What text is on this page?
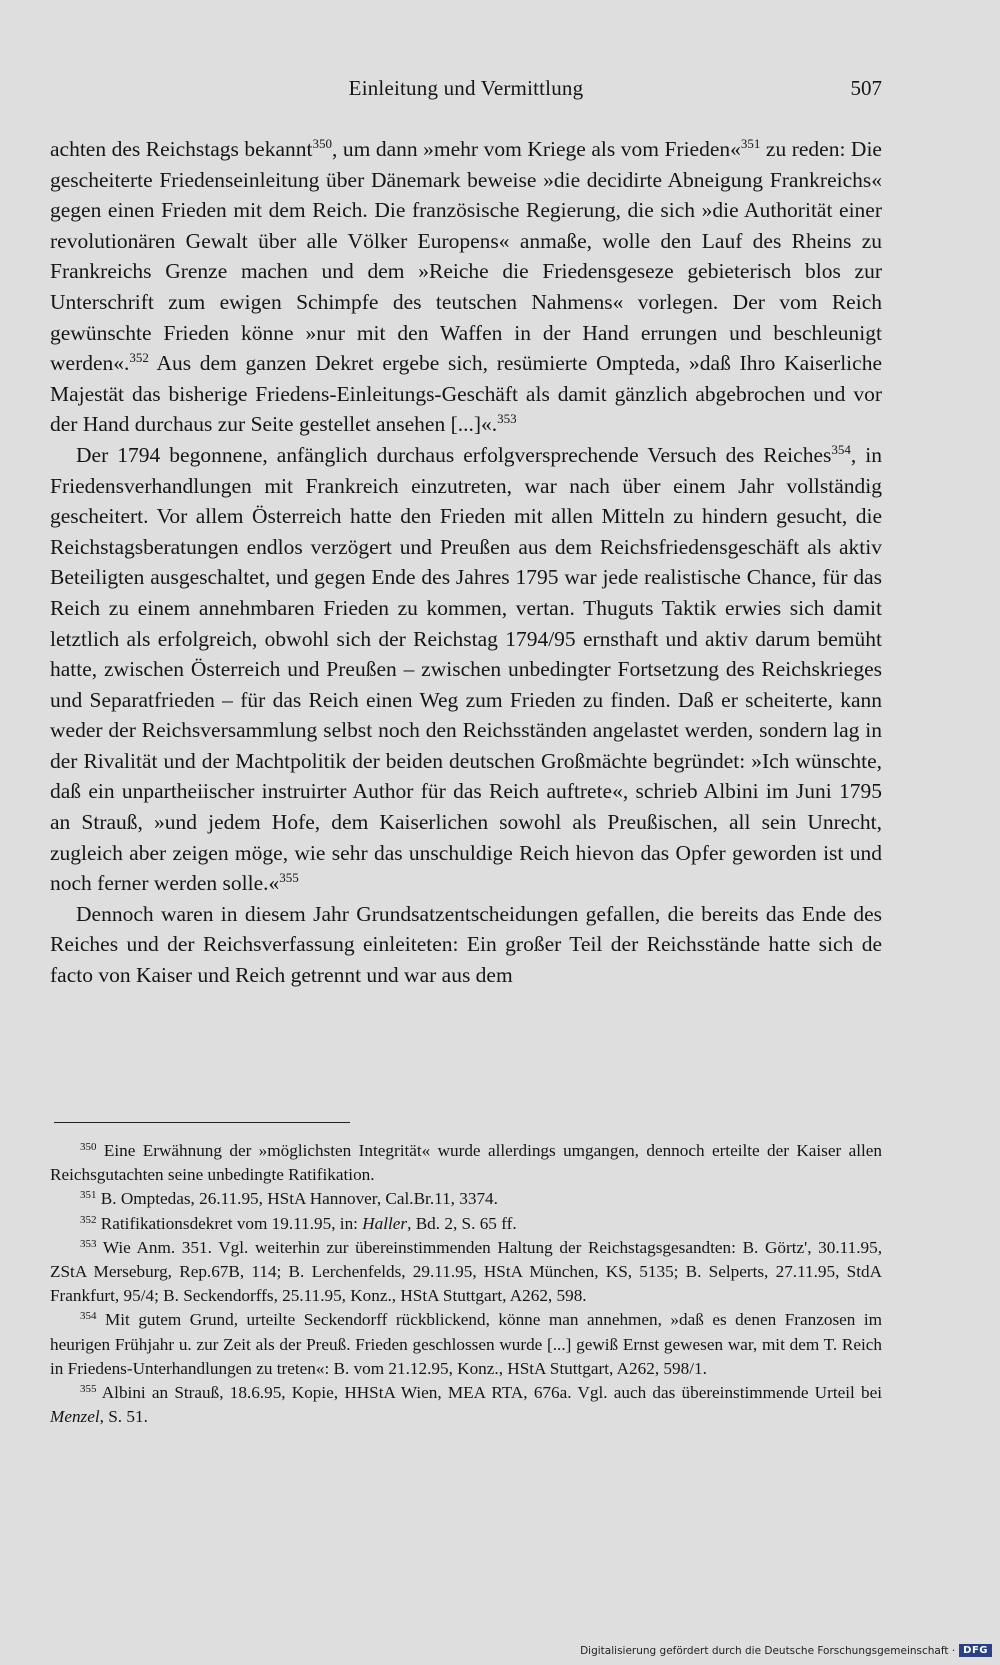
Einleitung und Vermittlung	507

achten des Reichstags bekannt$^{350}$, um dann »mehr vom Kriege als vom Frieden«$^{351}$ zu reden: Die gescheiterte Friedenseinleitung über Dänemark beweise »die decidirte Abneigung Frankreichs« gegen einen Frieden mit dem Reich. Die französische Regierung, die sich »die Authorität einer revolutionären Gewalt über alle Völker Europens« anmaße, wolle den Lauf des Rheins zu Frankreichs Grenze machen und dem »Reiche die Friedensgeseze gebieterisch blos zur Unterschrift zum ewigen Schimpfe des teutschen Nahmens« vorlegen. Der vom Reich gewünschte Frieden könne »nur mit den Waffen in der Hand errungen und beschleunigt werden«.$^{352}$ Aus dem ganzen Dekret ergebe sich, resümierte Ompteda, »daß Ihro Kaiserliche Majestät das bisherige Friedens-Einleitungs-Geschäft als damit gänzlich abgebrochen und vor der Hand durchaus zur Seite gestellet ansehen [...]«.$^{353}$

Der 1794 begonnene, anfänglich durchaus erfolgversprechende Versuch des Reiches$^{354}$, in Friedensverhandlungen mit Frankreich einzutreten, war nach über einem Jahr vollständig gescheitert. Vor allem Österreich hatte den Frieden mit allen Mitteln zu hindern gesucht, die Reichstagsberatungen endlos verzögert und Preußen aus dem Reichsfriedensgeschäft als aktiv Beteiligten ausgeschaltet, und gegen Ende des Jahres 1795 war jede realistische Chance, für das Reich zu einem annehmbaren Frieden zu kommen, vertan. Thuguts Taktik erwies sich damit letztlich als erfolgreich, obwohl sich der Reichstag 1794/95 ernsthaft und aktiv darum bemüht hatte, zwischen Österreich und Preußen – zwischen unbedingter Fortsetzung des Reichskrieges und Separatfrieden – für das Reich einen Weg zum Frieden zu finden. Daß er scheiterte, kann weder der Reichsversammlung selbst noch den Reichsständen angelastet werden, sondern lag in der Rivalität und der Machtpolitik der beiden deutschen Großmächte begründet: »Ich wünschte, daß ein unpartheiischer instruirter Author für das Reich auftrete«, schrieb Albini im Juni 1795 an Strauß, »und jedem Hofe, dem Kaiserlichen sowohl als Preußischen, all sein Unrecht, zugleich aber zeigen möge, wie sehr das unschuldige Reich hievon das Opfer geworden ist und noch ferner werden solle.«$^{355}$

Dennoch waren in diesem Jahr Grundsatzentscheidungen gefallen, die bereits das Ende des Reiches und der Reichsverfassung einleiteten: Ein großer Teil der Reichsstände hatte sich de facto von Kaiser und Reich getrennt und war aus dem

$^{350}$ Eine Erwähnung der »möglichsten Integrität« wurde allerdings umgangen, dennoch erteilte der Kaiser allen Reichsgutachten seine unbedingte Ratifikation.

$^{351}$ B. Omptedas, 26.11.95, HStA Hannover, Cal.Br.11, 3374.

$^{352}$ Ratifikationsdekret vom 19.11.95, in: Haller, Bd. 2, S. 65 ff.

$^{353}$ Wie Anm. 351. Vgl. weiterhin zur übereinstimmenden Haltung der Reichstagsgesandten: B. Görtz', 30.11.95, ZStA Merseburg, Rep.67B, 114; B. Lerchenfelds, 29.11.95, HStA München, KS, 5135; B. Selperts, 27.11.95, StdA Frankfurt, 95/4; B. Seckendorffs, 25.11.95, Konz., HStA Stuttgart, A262, 598.

$^{354}$ Mit gutem Grund, urteilte Seckendorff rückblickend, könne man annehmen, »daß es denen Franzosen im heurigen Frühjahr u. zur Zeit als der Preuß. Frieden geschlossen wurde [...] gewiß Ernst gewesen war, mit dem T. Reich in Friedens-Unterhandlungen zu treten«: B. vom 21.12.95, Konz., HStA Stuttgart, A262, 598/1.

$^{355}$ Albini an Strauß, 18.6.95, Kopie, HHStA Wien, MEA RTA, 676a. Vgl. auch das übereinstimmende Urteil bei Menzel, S. 51.

Digitalisierung gefördert durch die Deutsche Forschungsgemeinschaft · DFG
